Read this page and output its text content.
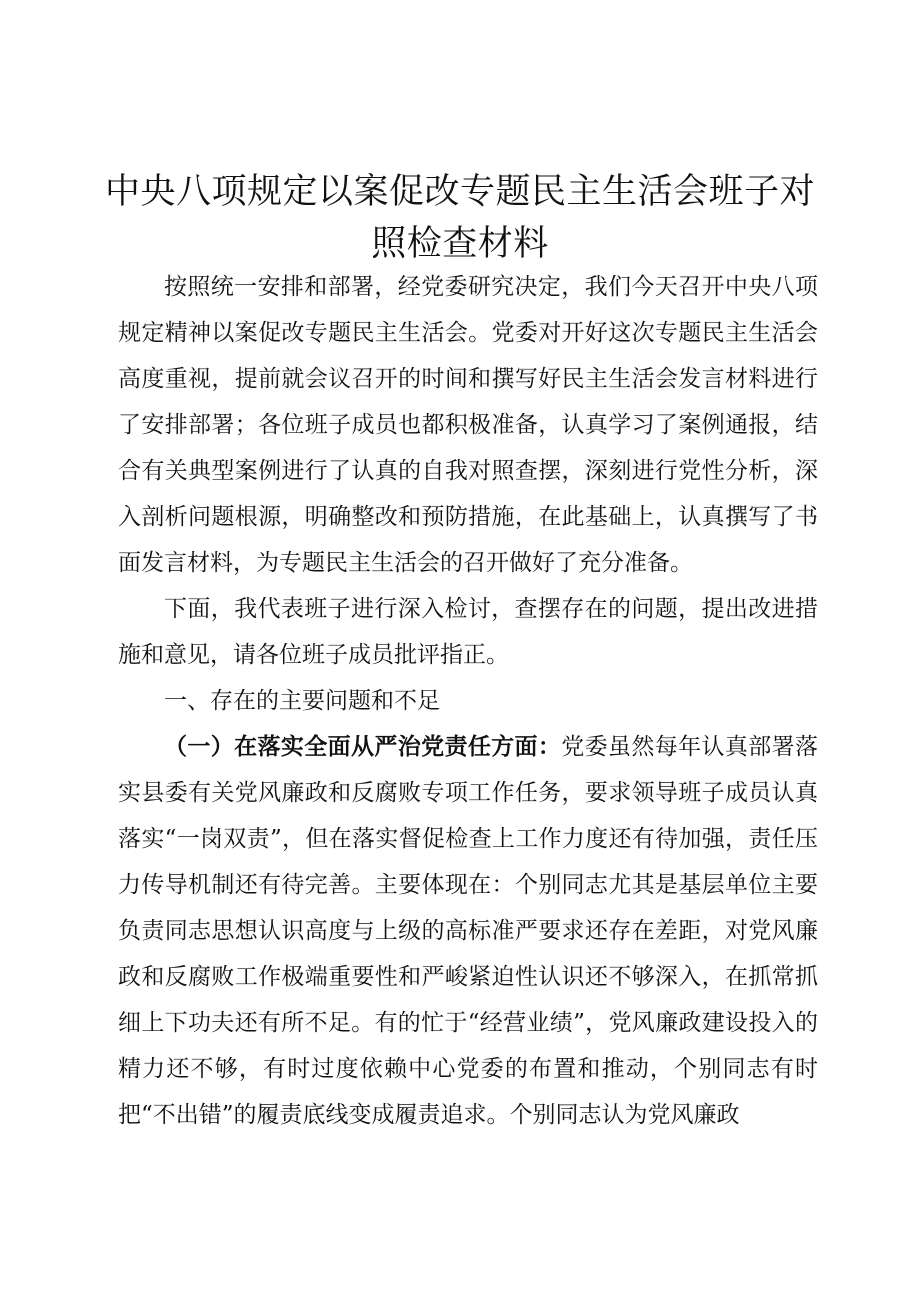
中央八项规定以案促改专题民主生活会班子对
照检查材料

按照统一安排和部署，经党委研究决定，我们今天召开中央八项规定精神以案促改专题民主生活会。党委对开好这次专题民主生活会高度重视，提前就会议召开的时间和撰写好民主生活会发言材料进行了安排部署；各位班子成员也都积极准备，认真学习了案例通报，结合有关典型案例进行了认真的自我对照查摆，深刻进行党性分析，深入剖析问题根源，明确整改和预防措施，在此基础上，认真撰写了书面发言材料，为专题民主生活会的召开做好了充分准备。

下面，我代表班子进行深入检讨，查摆存在的问题，提出改进措施和意见，请各位班子成员批评指正。

一、存在的主要问题和不足

（一）在落实全面从严治党责任方面：党委虽然每年认真部署落实县委有关党风廉政和反腐败专项工作任务，要求领导班子成员认真落实“一岗双责”，但在落实督促检查上工作力度还有待加强，责任压力传导机制还有待完善。主要体现在：个别同志尤其是基层单位主要负责同志思想认识高度与上级的高标准严要求还存在差距，对党风廉政和反腐败工作极端重要性和严峻紧迫性认识还不够深入，在抓常抓细上下功夫还有所不足。有的忙于“经营业绩”，党风廉政建设投入的精力还不够，有时过度依赖中心党委的布置和推动，个别同志有时把“不出错”的履责底线变成履责追求。个别同志认为党风廉政
